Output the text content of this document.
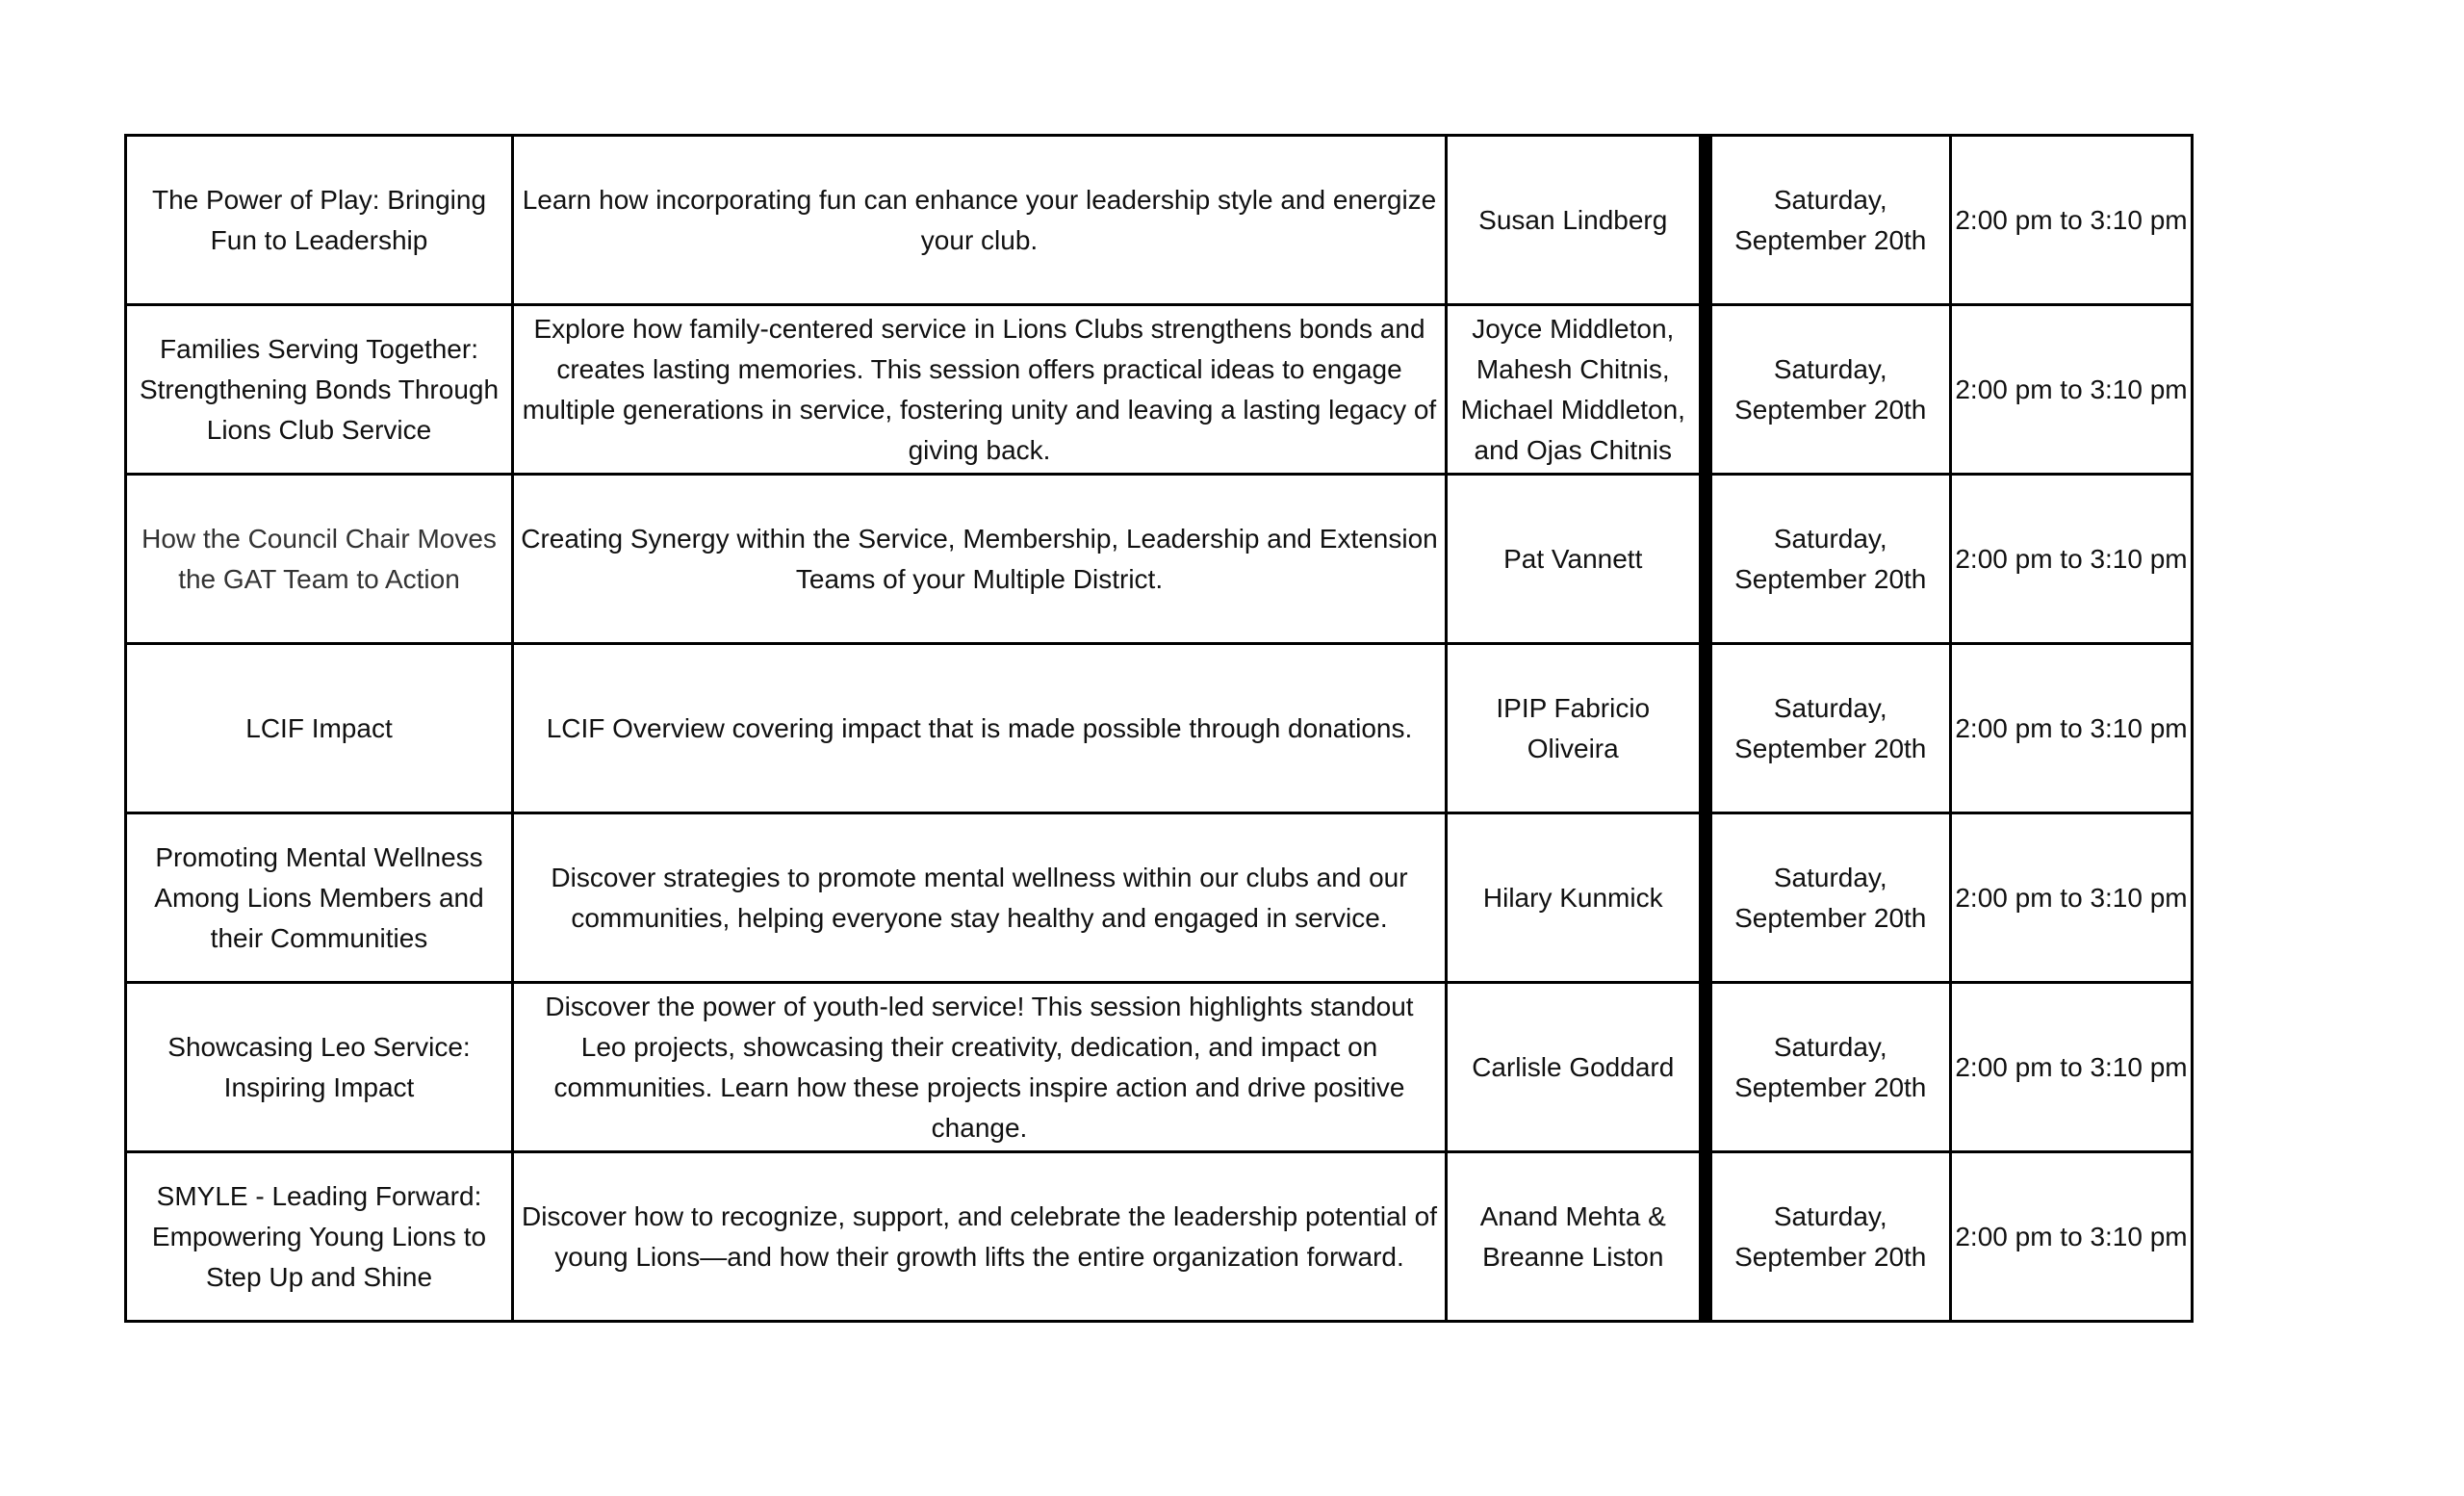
The Power of Play: Bringing Fun to Leadership	Learn how incorporating fun can enhance your leadership style and energize your club.	Susan Lindberg	Saturday, September 20th	2:00 pm to 3:10 pm
Families Serving Together: Strengthening Bonds Through Lions Club Service	Explore how family-centered service in Lions Clubs strengthens bonds and creates lasting memories. This session offers practical ideas to engage multiple generations in service, fostering unity and leaving a lasting legacy of giving back.	Joyce Middleton, Mahesh Chitnis, Michael Middleton, and Ojas Chitnis	Saturday, September 20th	2:00 pm to 3:10 pm
How the Council Chair Moves the GAT Team to Action	Creating Synergy within the Service, Membership, Leadership and Extension Teams of your Multiple District.	Pat Vannett	Saturday, September 20th	2:00 pm to 3:10 pm
LCIF Impact	LCIF Overview covering impact that is made possible through donations.	IPIP Fabricio Oliveira	Saturday, September 20th	2:00 pm to 3:10 pm
Promoting Mental Wellness Among Lions Members and their Communities	Discover strategies to promote mental wellness within our clubs and our communities, helping everyone stay healthy and engaged in service.	Hilary Kunmick	Saturday, September 20th	2:00 pm to 3:10 pm
Showcasing Leo Service: Inspiring Impact	Discover the power of youth-led service! This session highlights standout Leo projects, showcasing their creativity, dedication, and impact on communities. Learn how these projects inspire action and drive positive change.	Carlisle Goddard	Saturday, September 20th	2:00 pm to 3:10 pm
SMYLE - Leading Forward: Empowering Young Lions to Step Up and Shine	Discover how to recognize, support, and celebrate the leadership potential of young Lions—and how their growth lifts the entire organization forward.	Anand Mehta & Breanne Liston	Saturday, September 20th	2:00 pm to 3:10 pm
